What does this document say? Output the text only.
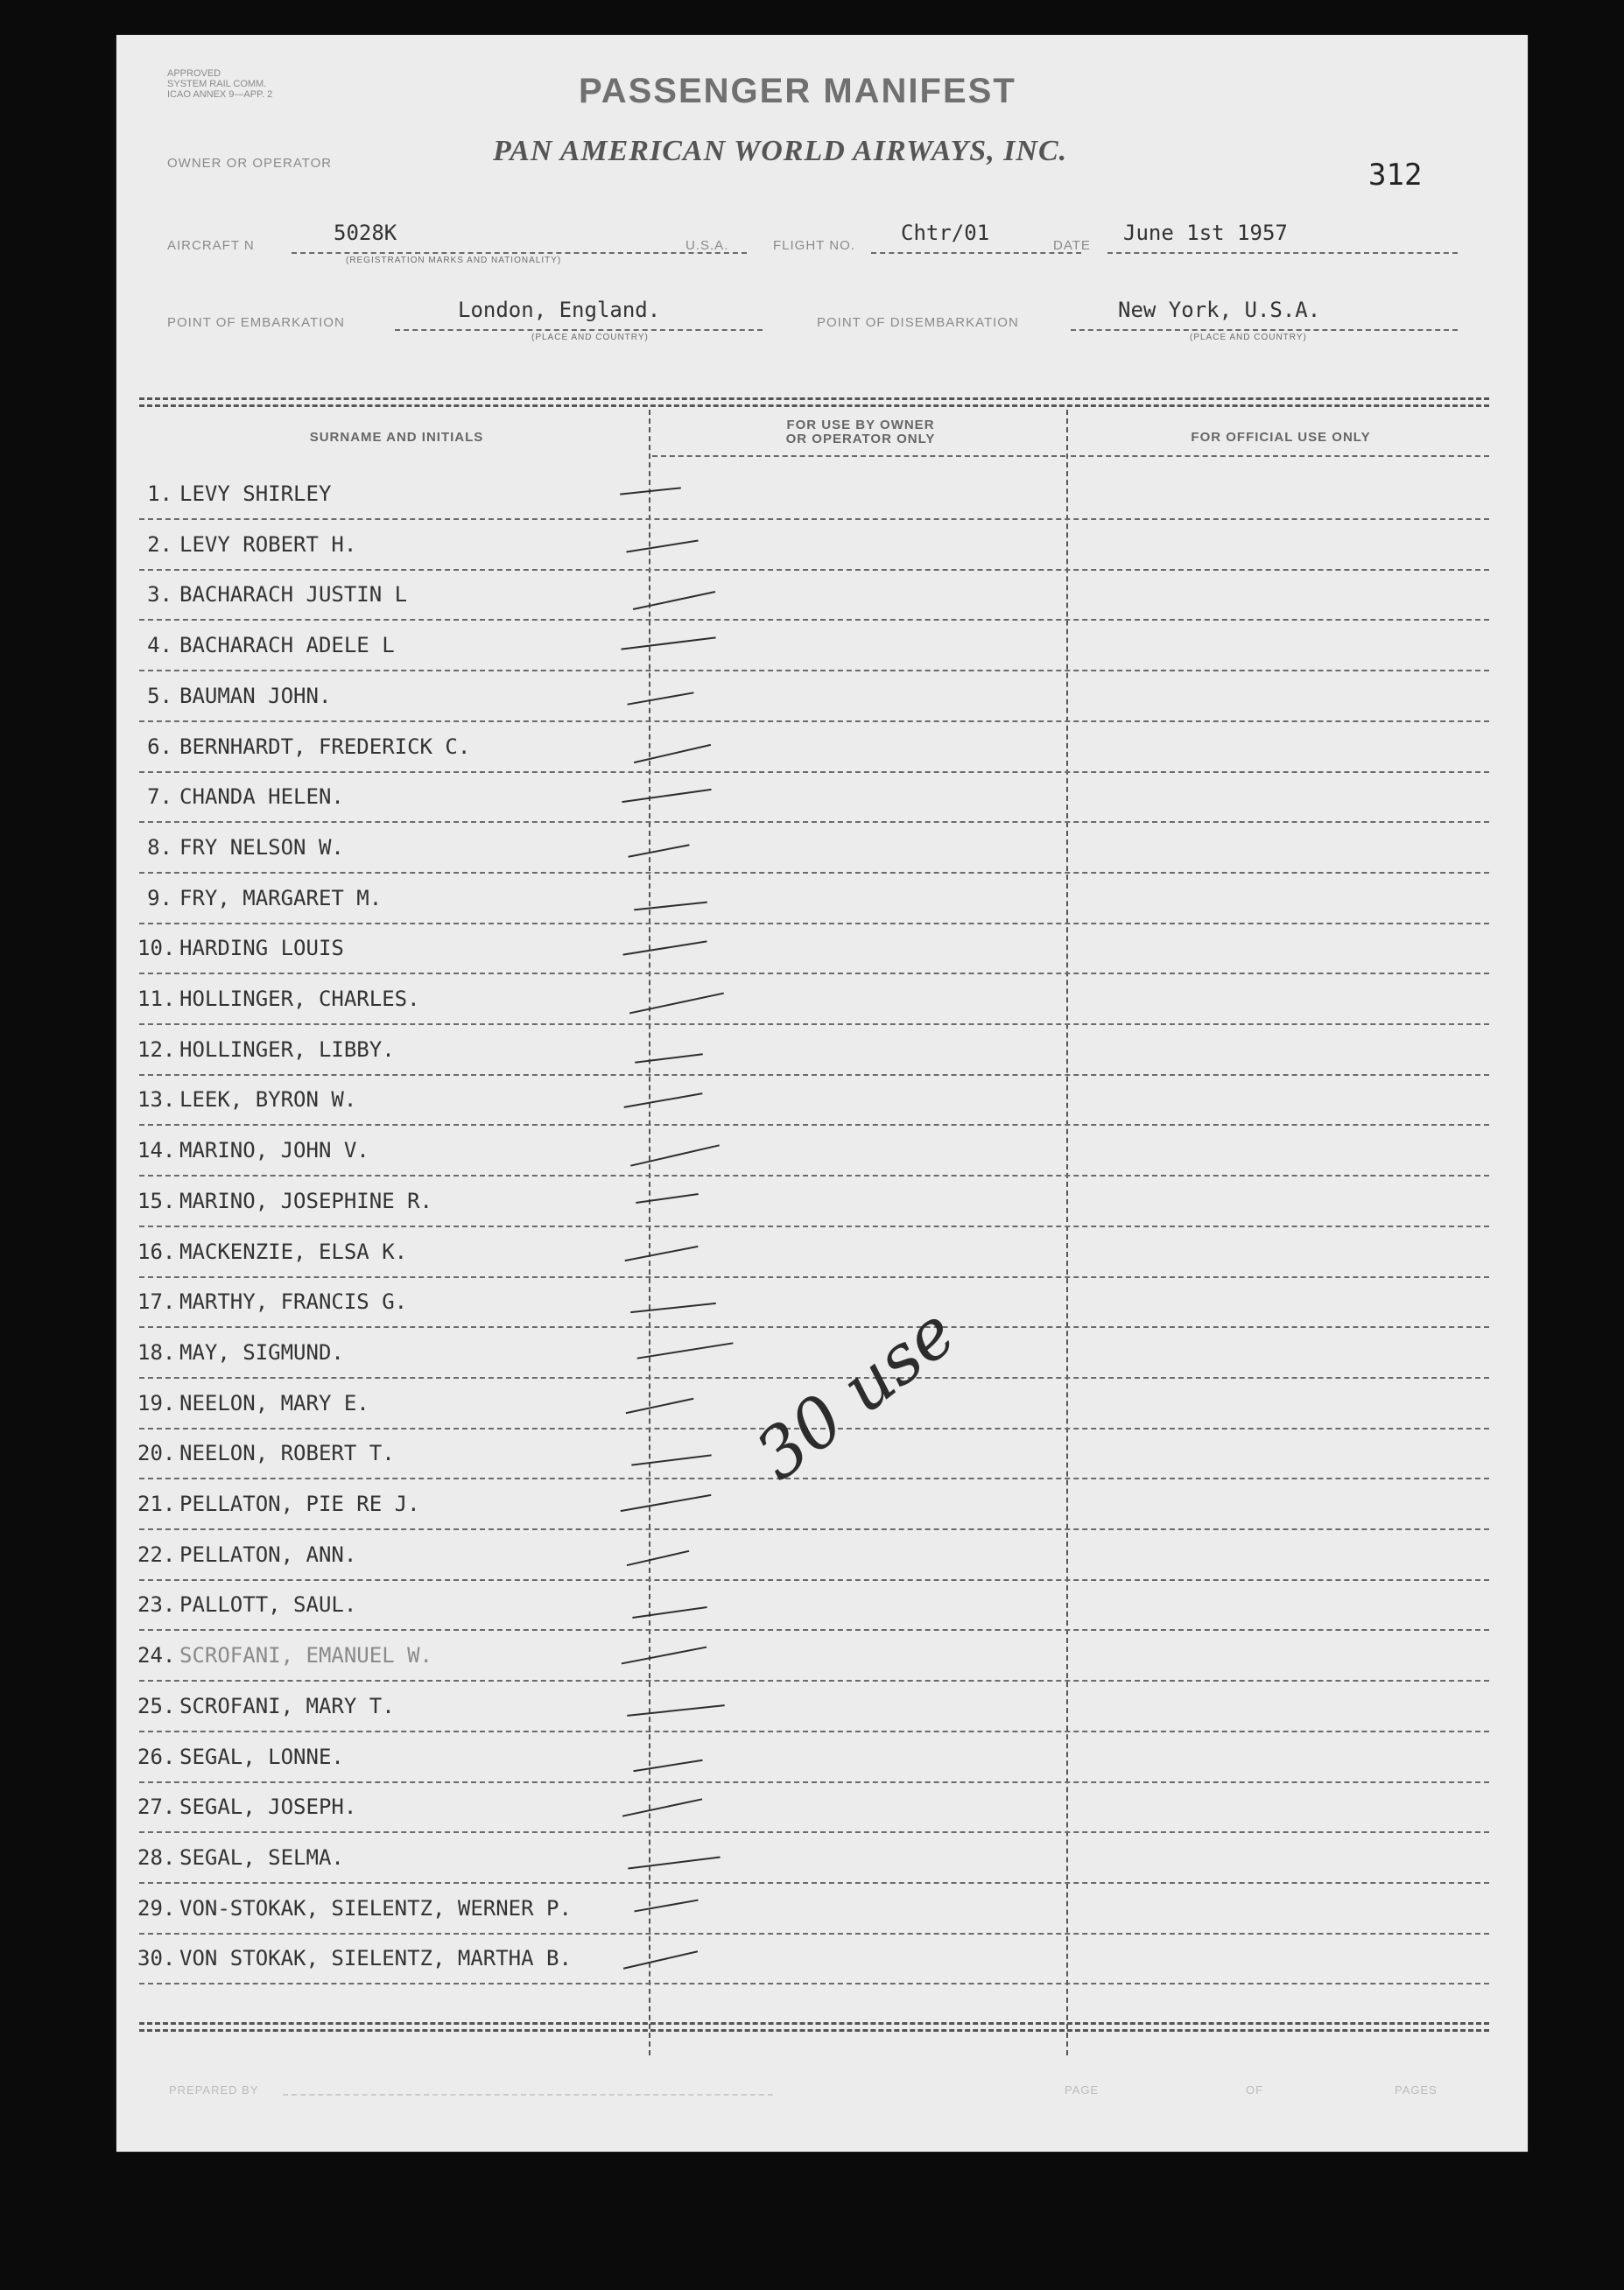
APPROVED
SYSTEM RAIL COMM.
ICAO ANNEX 9—APP. 2	PASSENGER MANIFEST
OWNER OR OPERATOR	PAN AMERICAN WORLD AIRWAYS, INC.
312
AIRCRAFT N
5028K
(REGISTRATION MARKS AND NATIONALITY)
U.S.A.	FLIGHT NO.
Chtr/01
DATE
June 1st 1957
POINT OF EMBARKATION
London, England.
(PLACE AND COUNTRY)
POINT OF DISEMBARKATION
New York, U.S.A.
(PLACE AND COUNTRY)
SURNAME AND INITIALS
FOR USE BY OWNER
OR OPERATOR ONLY	FOR OFFICIAL USE ONLY
1. LEVY SHIRLEY
2. LEVY ROBERT H.
3. BACHARACH JUSTIN L
4. BACHARACH ADELE L
5. BAUMAN JOHN.
6. BERNHARDT, FREDERICK C.
7. CHANDA HELEN.
8. FRY NELSON W.
9. FRY, MARGARET M.
10. HARDING LOUIS
11. HOLLINGER, CHARLES.
12. HOLLINGER, LIBBY.
13. LEEK, BYRON W.
14. MARINO, JOHN V.
15. MARINO, JOSEPHINE R.
16. MACKENZIE, ELSA K.
17. MARTHY, FRANCIS G.
18. MAY, SIGMUND.
19. NEELON, MARY E.
20. NEELON, ROBERT T.
21. PELLATON, PIE RE J.
22. PELLATON, ANN.
23. PALLOTT, SAUL.
24. SCROFANI, EMANUEL W.
25. SCROFANI, MARY T.
26. SEGAL, LONNE.
27. SEGAL, JOSEPH.
28. SEGAL, SELMA.
29. VON-STOKAK, SIELENTZ, WERNER P.
30. VON STOKAK, SIELENTZ, MARTHA B.
30 use
PREPARED BY	PAGE	OF	PAGES
